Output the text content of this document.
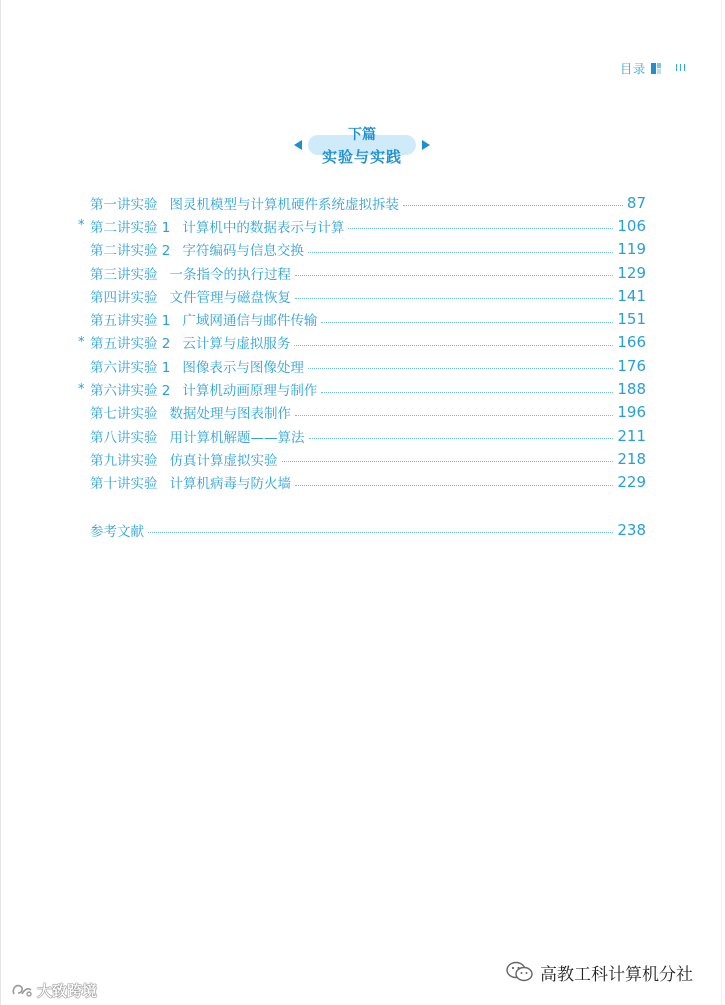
目录	III
下篇
实验与实践
第一讲实验 图灵机模型与计算机硬件系统虚拟拆装	87
* 第二讲实验 1 计算机中的数据表示与计算	106
第二讲实验 2 字符编码与信息交换	119
第三讲实验 一条指令的执行过程	129
第四讲实验 文件管理与磁盘恢复	141
第五讲实验 1 广域网通信与邮件传输	151
* 第五讲实验 2 云计算与虚拟服务	166
第六讲实验 1 图像表示与图像处理	176
* 第六讲实验 2 计算机动画原理与制作	188
第七讲实验 数据处理与图表制作	196
第八讲实验 用计算机解题——算法	211
第九讲实验 仿真计算虚拟实验	218
第十讲实验 计算机病毒与防火墙	229
参考文献	238
高教工科计算机分社
大致跨境
